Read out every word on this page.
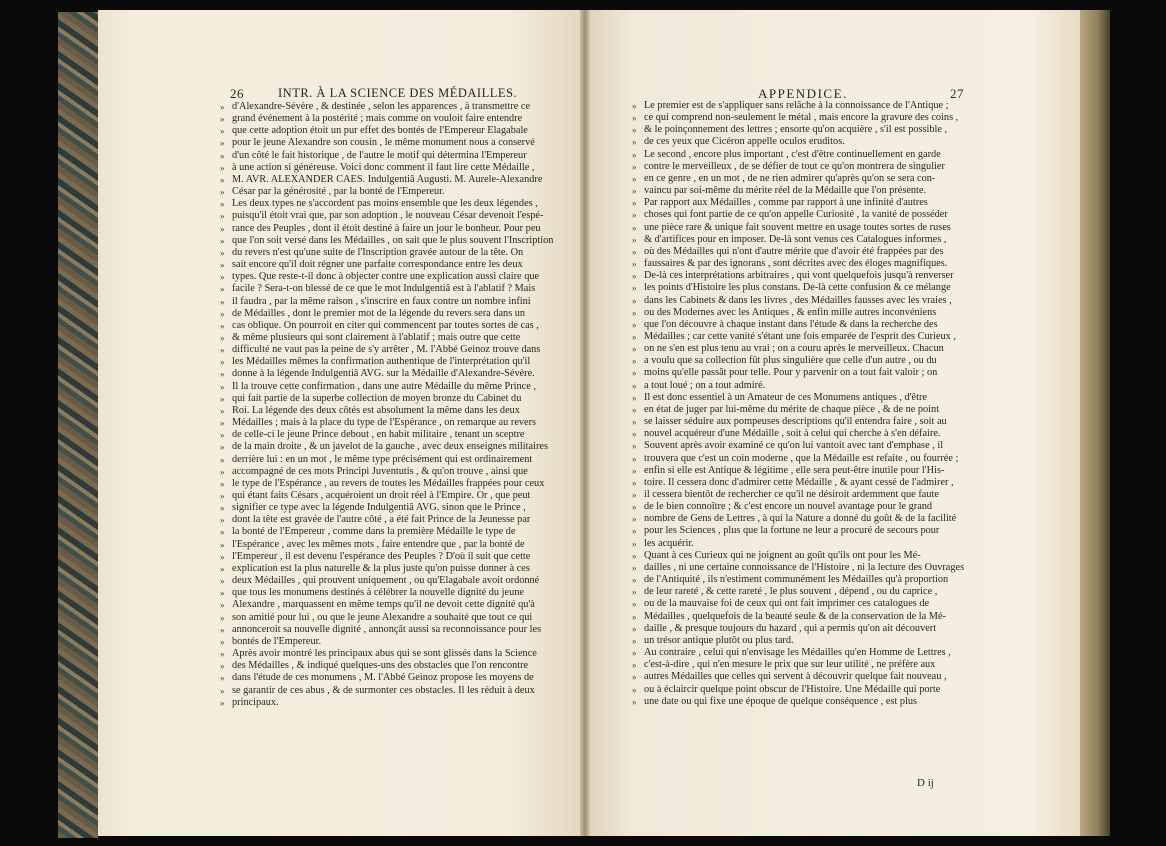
26	INTR. À LA SCIENCE DES MÉDAILLES.	APPENDICE.	27
» d'Alexandre-Sévère , & destinée , selon les apparences , à transmettre ce
» grand événement à la postérité ; mais comme on vouloit faire entendre
» que cette adoption étoit un pur effet des bontés de l'Empereur Elagabale
» pour le jeune Alexandre son cousin , le même monument nous a conservé
» d'un côté le fait historique , de l'autre le motif qui détermina l'Empereur
» à une action si généreuse. Voici donc comment il faut lire cette Médaille ,
» M. AVR. ALEXANDER CAES. Indulgentiâ Augusti. M. Aurele-Alexandre
» César par la générosité , par la bonté de l'Empereur.
» Les deux types ne s'accordent pas moins ensemble que les deux légendes ,
» puisqu'il étoit vrai que, par son adoption , le nouveau César devenoit l'espé-
» rance des Peuples , dont il étoit destiné à faire un jour le bonheur. Pour peu
» que l'on soit versé dans les Médailles , on sait que le plus souvent l'Inscription
» du revers n'est qu'une suite de l'Inscription gravée autour de la tête. On
» sait encore qu'il doit régner une parfaite correspondance entre les deux
» types. Que reste-t-il donc à objecter contre une explication aussi claire que
» facile ? Sera-t-on blessé de ce que le mot Indulgentiâ est à l'ablatif ? Mais
» il faudra , par la même raison , s'inscrire en faux contre un nombre infini
» de Médailles , dont le premier mot de la légende du revers sera dans un
» cas oblique. On pourroit en citer qui commencent par toutes sortes de cas ,
» & même plusieurs qui sont clairement à l'ablatif ; mais outre que cette
» difficulté ne vaut pas la peine de s'y arrêter , M. l'Abbé Geinoz trouve dans
» les Médailles mêmes la confirmation authentique de l'interprétation qu'il
» donne à la légende Indulgentiâ AVG. sur la Médaille d'Alexandre-Sévère.
» Il la trouve cette confirmation , dans une autre Médaille du même Prince ,
» qui fait partie de la superbe collection de moyen bronze du Cabinet du
» Roi. La légende des deux côtés est absolument la même dans les deux
» Médailles ; mais à la place du type de l'Espérance , on remarque au revers
» de celle-ci le jeune Prince debout , en habit militaire , tenant un sceptre
» de la main droite , & un javelot de la gauche , avec deux enseignes militaires
» derrière lui : en un mot , le même type précisément qui est ordinairement
» accompagné de ces mots Principi Juventutis , & qu'on trouve , ainsi que
» le type de l'Espérance , au revers de toutes les Médailles frappées pour ceux
» qui étant faits Césars , acquéroient un droit réel à l'Empire. Or , que peut
» signifier ce type avec la légende Indulgentiâ AVG. sinon que le Prince ,
» dont la tête est gravée de l'autre côté , a été fait Prince de la Jeunesse par
» la bonté de l'Empereur , comme dans la première Médaille le type de
» l'Espérance , avec les mêmes mots , faire entendre que , par la bonté de
» l'Empereur , il est devenu l'espérance des Peuples ? D'où il suit que cette
» explication est la plus naturelle & la plus juste qu'on puisse donner à ces
» deux Médailles , qui prouvent uniquement , ou qu'Elagabale avoit ordonné
» que tous les monumens destinés à célébrer la nouvelle dignité du jeune
» Alexandre , marquassent en même temps qu'il ne devoit cette dignité qu'à
» son amitié pour lui , ou que le jeune Alexandre a souhaité que tout ce qui
» annonceroit sa nouvelle dignité , annonçât aussi sa reconnoissance pour les
» bontés de l'Empereur.
» Après avoir montré les principaux abus qui se sont glissés dans la Science
» des Médailles , & indiqué quelques-uns des obstacles que l'on rencontre
» dans l'étude de ces monumens , M. l'Abbé Geinoz propose les moyens de
» se garantir de ces abus , & de surmonter ces obstacles. Il les réduit à deux
» principaux.
» Le premier est de s'appliquer sans relâche à la connoissance de l'Antique ;
» ce qui comprend non-seulement le métal , mais encore la gravure des coins ,
» & le poinçonnement des lettres ; ensorte qu'on acquière , s'il est possible ,
» de ces yeux que Cicéron appelle oculos eruditos.
» Le second , encore plus important , c'est d'être continuellement en garde
» contre le merveilleux , de se défier de tout ce qu'on montrera de singulier
» en ce genre , en un mot , de ne rien admirer qu'après qu'on se sera con-
» vaincu par soi-même du mérite réel de la Médaille que l'on présente.
» Par rapport aux Médailles , comme par rapport à une infinité d'autres
» choses qui font partie de ce qu'on appelle Curiosité , la vanité de posséder
» une pièce rare & unique fait souvent mettre en usage toutes sortes de ruses
» & d'artifices pour en imposer. De-là sont venus ces Catalogues informes ,
» où des Médailles qui n'ont d'autre mérite que d'avoir été frappées par des
» faussaires & par des ignorans , sont décrites avec des éloges magnifiques.
» De-là ces interprétations arbitraires , qui vont quelquefois jusqu'à renverser
» les points d'Histoire les plus constans. De-là cette confusion & ce mélange
» dans les Cabinets & dans les livres , des Médailles fausses avec les vraies ,
» ou des Modernes avec les Antiques , & enfin mille autres inconvéniens
» que l'on découvre à chaque instant dans l'étude & dans la recherche des
» Médailles ; car cette vanité s'étant une fois emparée de l'esprit des Curieux ,
» on ne s'en est plus tenu au vrai ; on a couru après le merveilleux. Chacun
» a voulu que sa collection fût plus singulière que celle d'un autre , ou du
» moins qu'elle passât pour telle. Pour y parvenir on a tout fait valoir ; on
» a tout loué ; on a tout admiré.
» Il est donc essentiel à un Amateur de ces Monumens antiques , d'être
» en état de juger par lui-même du mérite de chaque pièce , & de ne point
» se laisser séduire aux pompeuses descriptions qu'il entendra faire , soit au
» nouvel acquéreur d'une Médaille , soit à celui qui cherche à s'en défaire.
» Souvent après avoir examiné ce qu'on lui vantoit avec tant d'emphase , il
» trouvera que c'est un coin moderne , que la Médaille est refaite , ou fourrée ;
» enfin si elle est Antique & légitime , elle sera peut-être inutile pour l'His-
» toire. Il cessera donc d'admirer cette Médaille , & ayant cessé de l'admirer ,
» il cessera bientôt de rechercher ce qu'il ne désiroit ardemment que faute
» de le bien connoître ; & c'est encore un nouvel avantage pour le grand
» nombre de Gens de Lettres , à qui la Nature a donné du goût & de la facilité
» pour les Sciences , plus que la fortune ne leur a procuré de secours pour
» les acquérir.
» Quant à ces Curieux qui ne joignent au goût qu'ils ont pour les Mé-
» dailles , ni une certaine connoissance de l'Histoire , ni la lecture des Ouvrages
» de l'Antiquité , ils n'estiment communément les Médailles qu'à proportion
» de leur rareté , & cette rareté , le plus souvent , dépend , ou du caprice ,
» ou de la mauvaise foi de ceux qui ont fait imprimer ces catalogues de
» Médailles , quelquefois de la beauté seule & de la conservation de la Mé-
» daille , & presque toujours du hazard , qui a permis qu'on ait découvert
» un trésor antique plutôt ou plus tard.
» Au contraire , celui qui n'envisage les Médailles qu'en Homme de Lettres ,
» c'est-à-dire , qui n'en mesure le prix que sur leur utilité , ne préfère aux
» autres Médailles que celles qui servent à découvrir quelque fait nouveau ,
» ou à éclaircir quelque point obscur de l'Histoire. Une Médaille qui porte
» une date ou qui fixe une époque de quelque conséquence , est plus
D ij
